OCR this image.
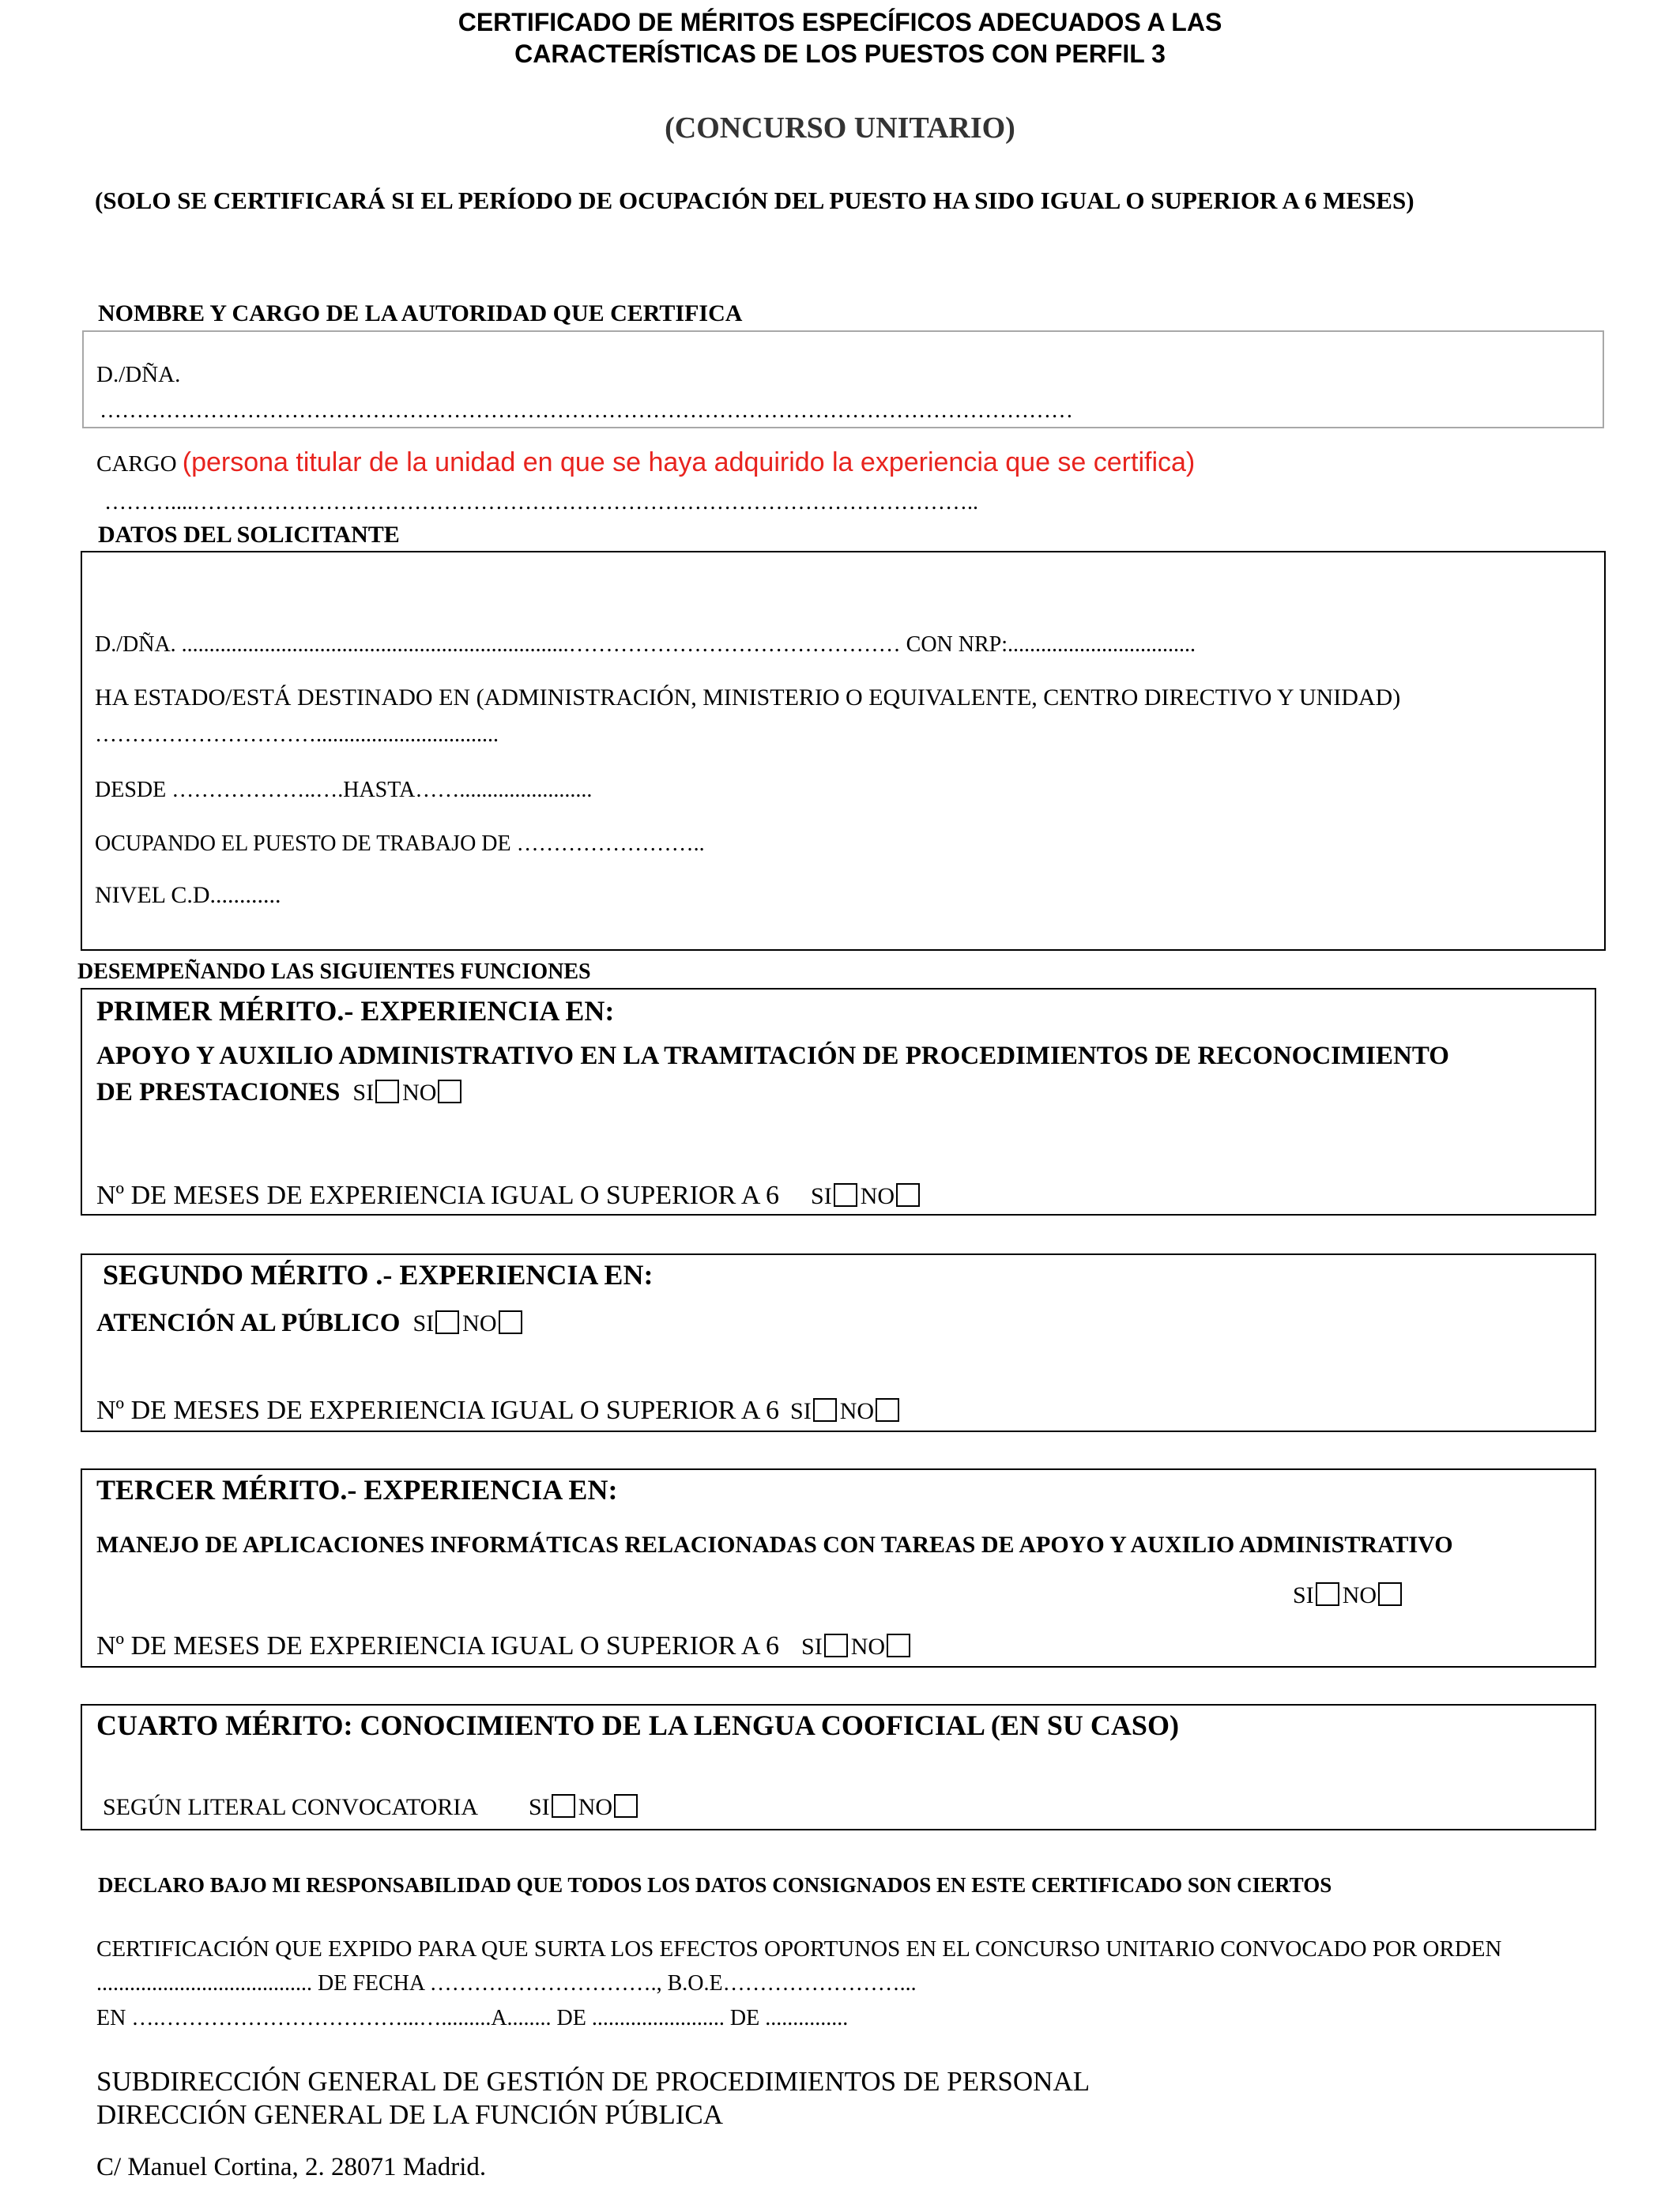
CERTIFICADO DE MÉRITOS ESPECÍFICOS ADECUADOS A LAS
CARACTERÍSTICAS DE LOS PUESTOS CON PERFIL 3
(CONCURSO UNITARIO)
(SOLO SE CERTIFICARÁ SI EL PERÍODO DE OCUPACIÓN DEL PUESTO HA SIDO IGUAL O SUPERIOR A 6 MESES)
NOMBRE Y CARGO DE LA AUTORIDAD QUE CERTIFICA
D./DÑA.
……………………………………………………………………………………………………………………
CARGO (persona titular de la unidad en que se haya adquirido la experiencia que se certifica)
………....……………………………………………………………………………………………..
DATOS DEL SOLICITANTE
D./DÑA. ......................................................................……………………………………… CON NRP:..................................
HA ESTADO/ESTÁ DESTINADO EN (ADMINISTRACIÓN, MINISTERIO O EQUIVALENTE, CENTRO DIRECTIVO Y UNIDAD)
………………………….................................
DESDE ………………..….HASTA……........................
OCUPANDO EL PUESTO DE TRABAJO DE ……………………..
NIVEL C.D............
DESEMPEÑANDO LAS SIGUIENTES FUNCIONES
PRIMER MÉRITO.- EXPERIENCIA EN:
APOYO Y AUXILIO ADMINISTRATIVO EN LA TRAMITACIÓN DE PROCEDIMIENTOS DE RECONOCIMIENTO
DE PRESTACIONES SI NO
Nº DE MESES DE EXPERIENCIA IGUAL O SUPERIOR A 6 SI NO
SEGUNDO MÉRITO .- EXPERIENCIA EN:
ATENCIÓN AL PÚBLICO SI NO
Nº DE MESES DE EXPERIENCIA IGUAL O SUPERIOR A 6 SI NO
TERCER MÉRITO.- EXPERIENCIA EN:
MANEJO DE APLICACIONES INFORMÁTICAS RELACIONADAS CON TAREAS DE APOYO Y AUXILIO ADMINISTRATIVO
SI NO
Nº DE MESES DE EXPERIENCIA IGUAL O SUPERIOR A 6 SI NO
CUARTO MÉRITO: CONOCIMIENTO DE LA LENGUA COOFICIAL (EN SU CASO)
SEGÚN LITERAL CONVOCATORIA SI NO
DECLARO BAJO MI RESPONSABILIDAD QUE TODOS LOS DATOS CONSIGNADOS EN ESTE CERTIFICADO SON CIERTOS
CERTIFICACIÓN QUE EXPIDO PARA QUE SURTA LOS EFECTOS OPORTUNOS EN EL CONCURSO UNITARIO CONVOCADO POR ORDEN
....................................... DE FECHA …………………………., B.O.E……………………...
EN ….……………………………...….........A........ DE ........................ DE ...............
SUBDIRECCIÓN GENERAL DE GESTIÓN DE PROCEDIMIENTOS DE PERSONAL
DIRECCIÓN GENERAL DE LA FUNCIÓN PÚBLICA
C/ Manuel Cortina, 2. 28071 Madrid.
